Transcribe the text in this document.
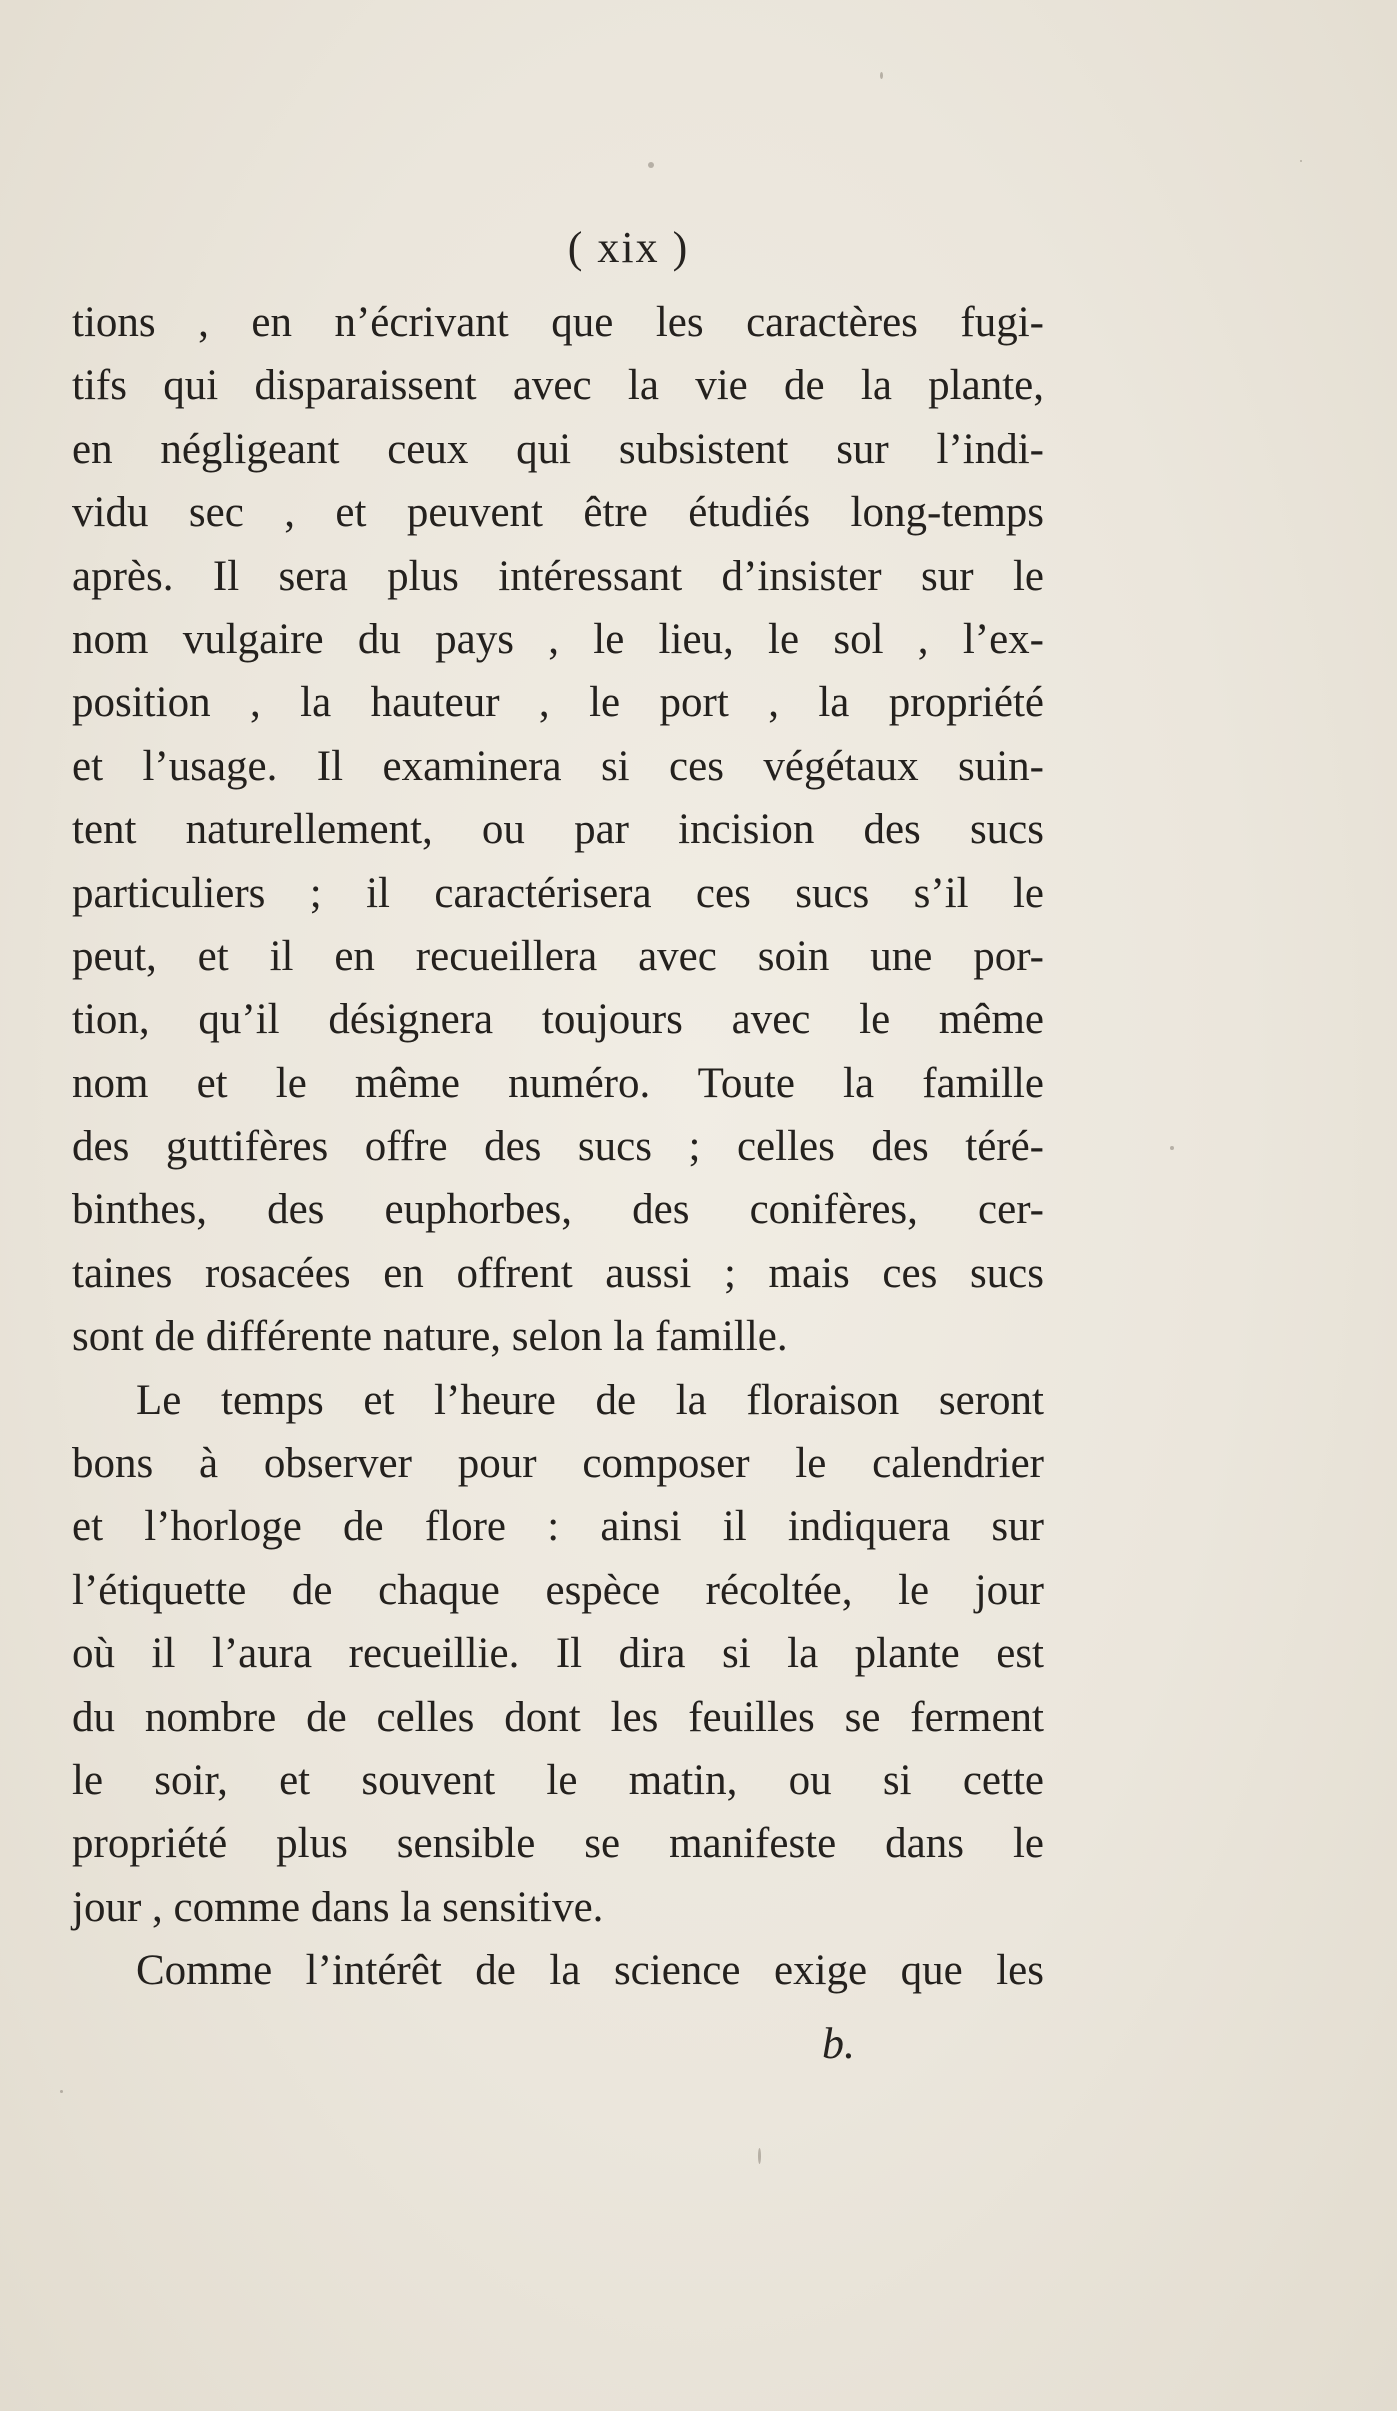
( xix )
tions , en n’écrivant que les caractères fugi-
tifs qui disparaissent avec la vie de la plante,
en négligeant ceux qui subsistent sur l’indi-
vidu sec , et peuvent être étudiés long-temps
après. Il sera plus intéressant d’insister sur le
nom vulgaire du pays , le lieu, le sol , l’ex-
position , la hauteur , le port , la propriété
et l’usage. Il examinera si ces végétaux suin-
tent naturellement, ou par incision des sucs
particuliers ; il caractérisera ces sucs s’il le
peut, et il en recueillera avec soin une por-
tion, qu’il désignera toujours avec le même
nom et le même numéro. Toute la famille
des guttifères offre des sucs ; celles des téré-
binthes, des euphorbes, des conifères, cer-
taines rosacées en offrent aussi ; mais ces sucs
sont de différente nature, selon la famille.
Le temps et l’heure de la floraison seront
bons à observer pour composer le calendrier
et l’horloge de flore : ainsi il indiquera sur
l’étiquette de chaque espèce récoltée, le jour
où il l’aura recueillie. Il dira si la plante est
du nombre de celles dont les feuilles se ferment
le soir, et souvent le matin, ou si cette
propriété plus sensible se manifeste dans le
jour , comme dans la sensitive.
Comme l’intérêt de la science exige que les
b.
